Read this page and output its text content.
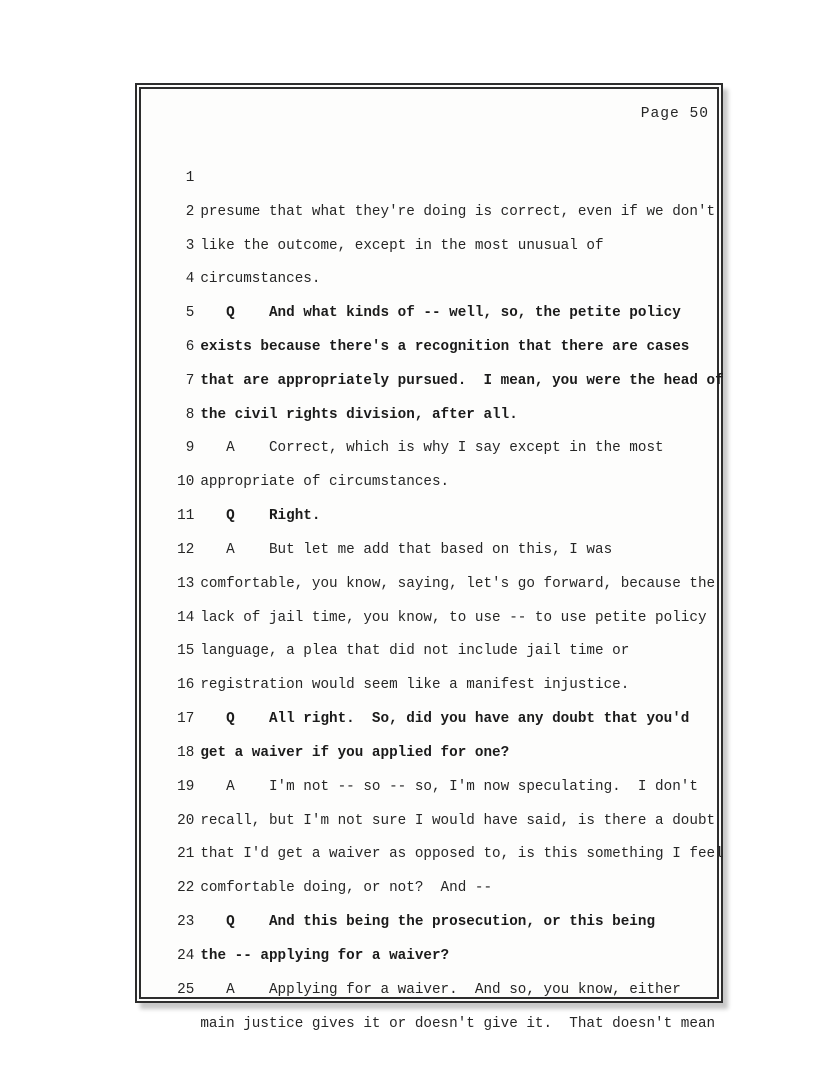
Page 50

1
presume that what they're doing is correct, even if we don't

2
like the outcome, except in the most unusual of

3
circumstances.

4
Q    And what kinds of -- well, so, the petite policy

5
exists because there's a recognition that there are cases

6
that are appropriately pursued.  I mean, you were the head of

7
the civil rights division, after all.

8
A    Correct, which is why I say except in the most

9
appropriate of circumstances.

10
Q    Right.

11
A    But let me add that based on this, I was

12
comfortable, you know, saying, let's go forward, because the

13
lack of jail time, you know, to use -- to use petite policy

14
language, a plea that did not include jail time or

15
registration would seem like a manifest injustice.

16
Q    All right.  So, did you have any doubt that you'd

17
get a waiver if you applied for one?

18
A    I'm not -- so -- so, I'm now speculating.  I don't

19
recall, but I'm not sure I would have said, is there a doubt

20
that I'd get a waiver as opposed to, is this something I feel

21
comfortable doing, or not?  And --

22
Q    And this being the prosecution, or this being

23
the -- applying for a waiver?

24
A    Applying for a waiver.  And so, you know, either

25
main justice gives it or doesn't give it.  That doesn't mean
